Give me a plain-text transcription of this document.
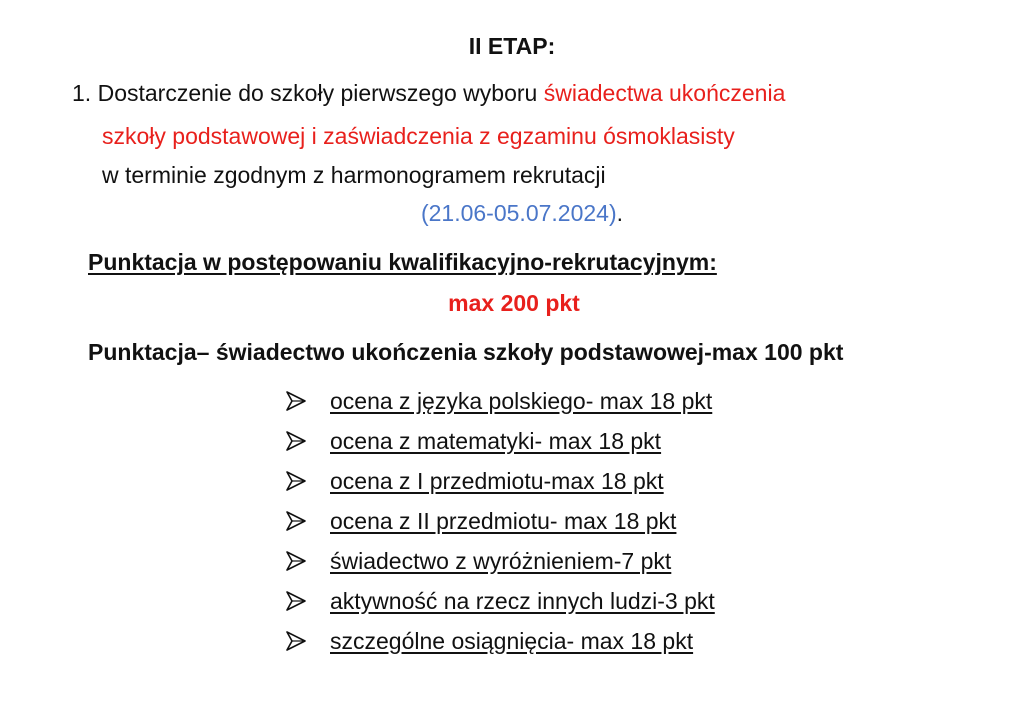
II ETAP:
1. Dostarczenie do szkoły pierwszego wyboru świadectwa ukończenia
szkoły podstawowej i zaświadczenia z egzaminu ósmoklasisty
w terminie zgodnym z harmonogramem rekrutacji
(21.06-05.07.2024).
Punktacja w postępowaniu kwalifikacyjno-rekrutacyjnym:
max 200 pkt
Punktacja– świadectwo ukończenia szkoły podstawowej-max 100 pkt
ocena z języka polskiego- max 18 pkt
ocena z matematyki- max 18 pkt
ocena z I przedmiotu-max 18 pkt
ocena z II przedmiotu- max 18 pkt
świadectwo z wyróżnieniem-7 pkt
aktywność na rzecz innych ludzi-3 pkt
szczególne osiągnięcia- max 18 pkt
